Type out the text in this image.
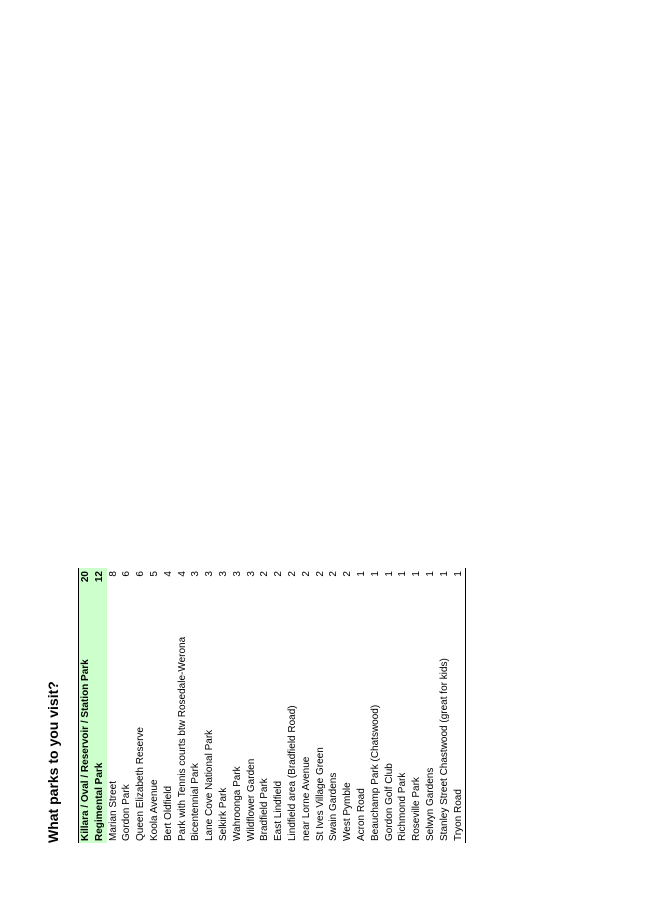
What parks to you visit? Killara / Oval / Reservoir / Station Park
20
Regimental Park
12
Marian Street
8
Gordon Park
6
Queen Elizabeth Reserve
6
Koola Avenue
5
Bert Oldfield
4
Park with Tennis courts btw Rosedale-Werona
4
Bicentennial Park
3
Lane Cove National Park
3
Selkirk Park
3
Wahroonga Park
3
Wildflower Garden
3
Bradfield Park
2
East Lindfield
2
Lindfield area (Bradfield Road)
2
near Lorne Avenue
2
St Ives Village Green
2
Swain Gardens
2
West Pymble
2
Acron Road
1
Beauchamp Park (Chatswood)
1
Gordon Golf Club
1
Richmond Park
1
Roseville Park
1
Selwyn Gardens
1
Stanley Street Chastwood (great for kids)
1
Tryon Road
1
